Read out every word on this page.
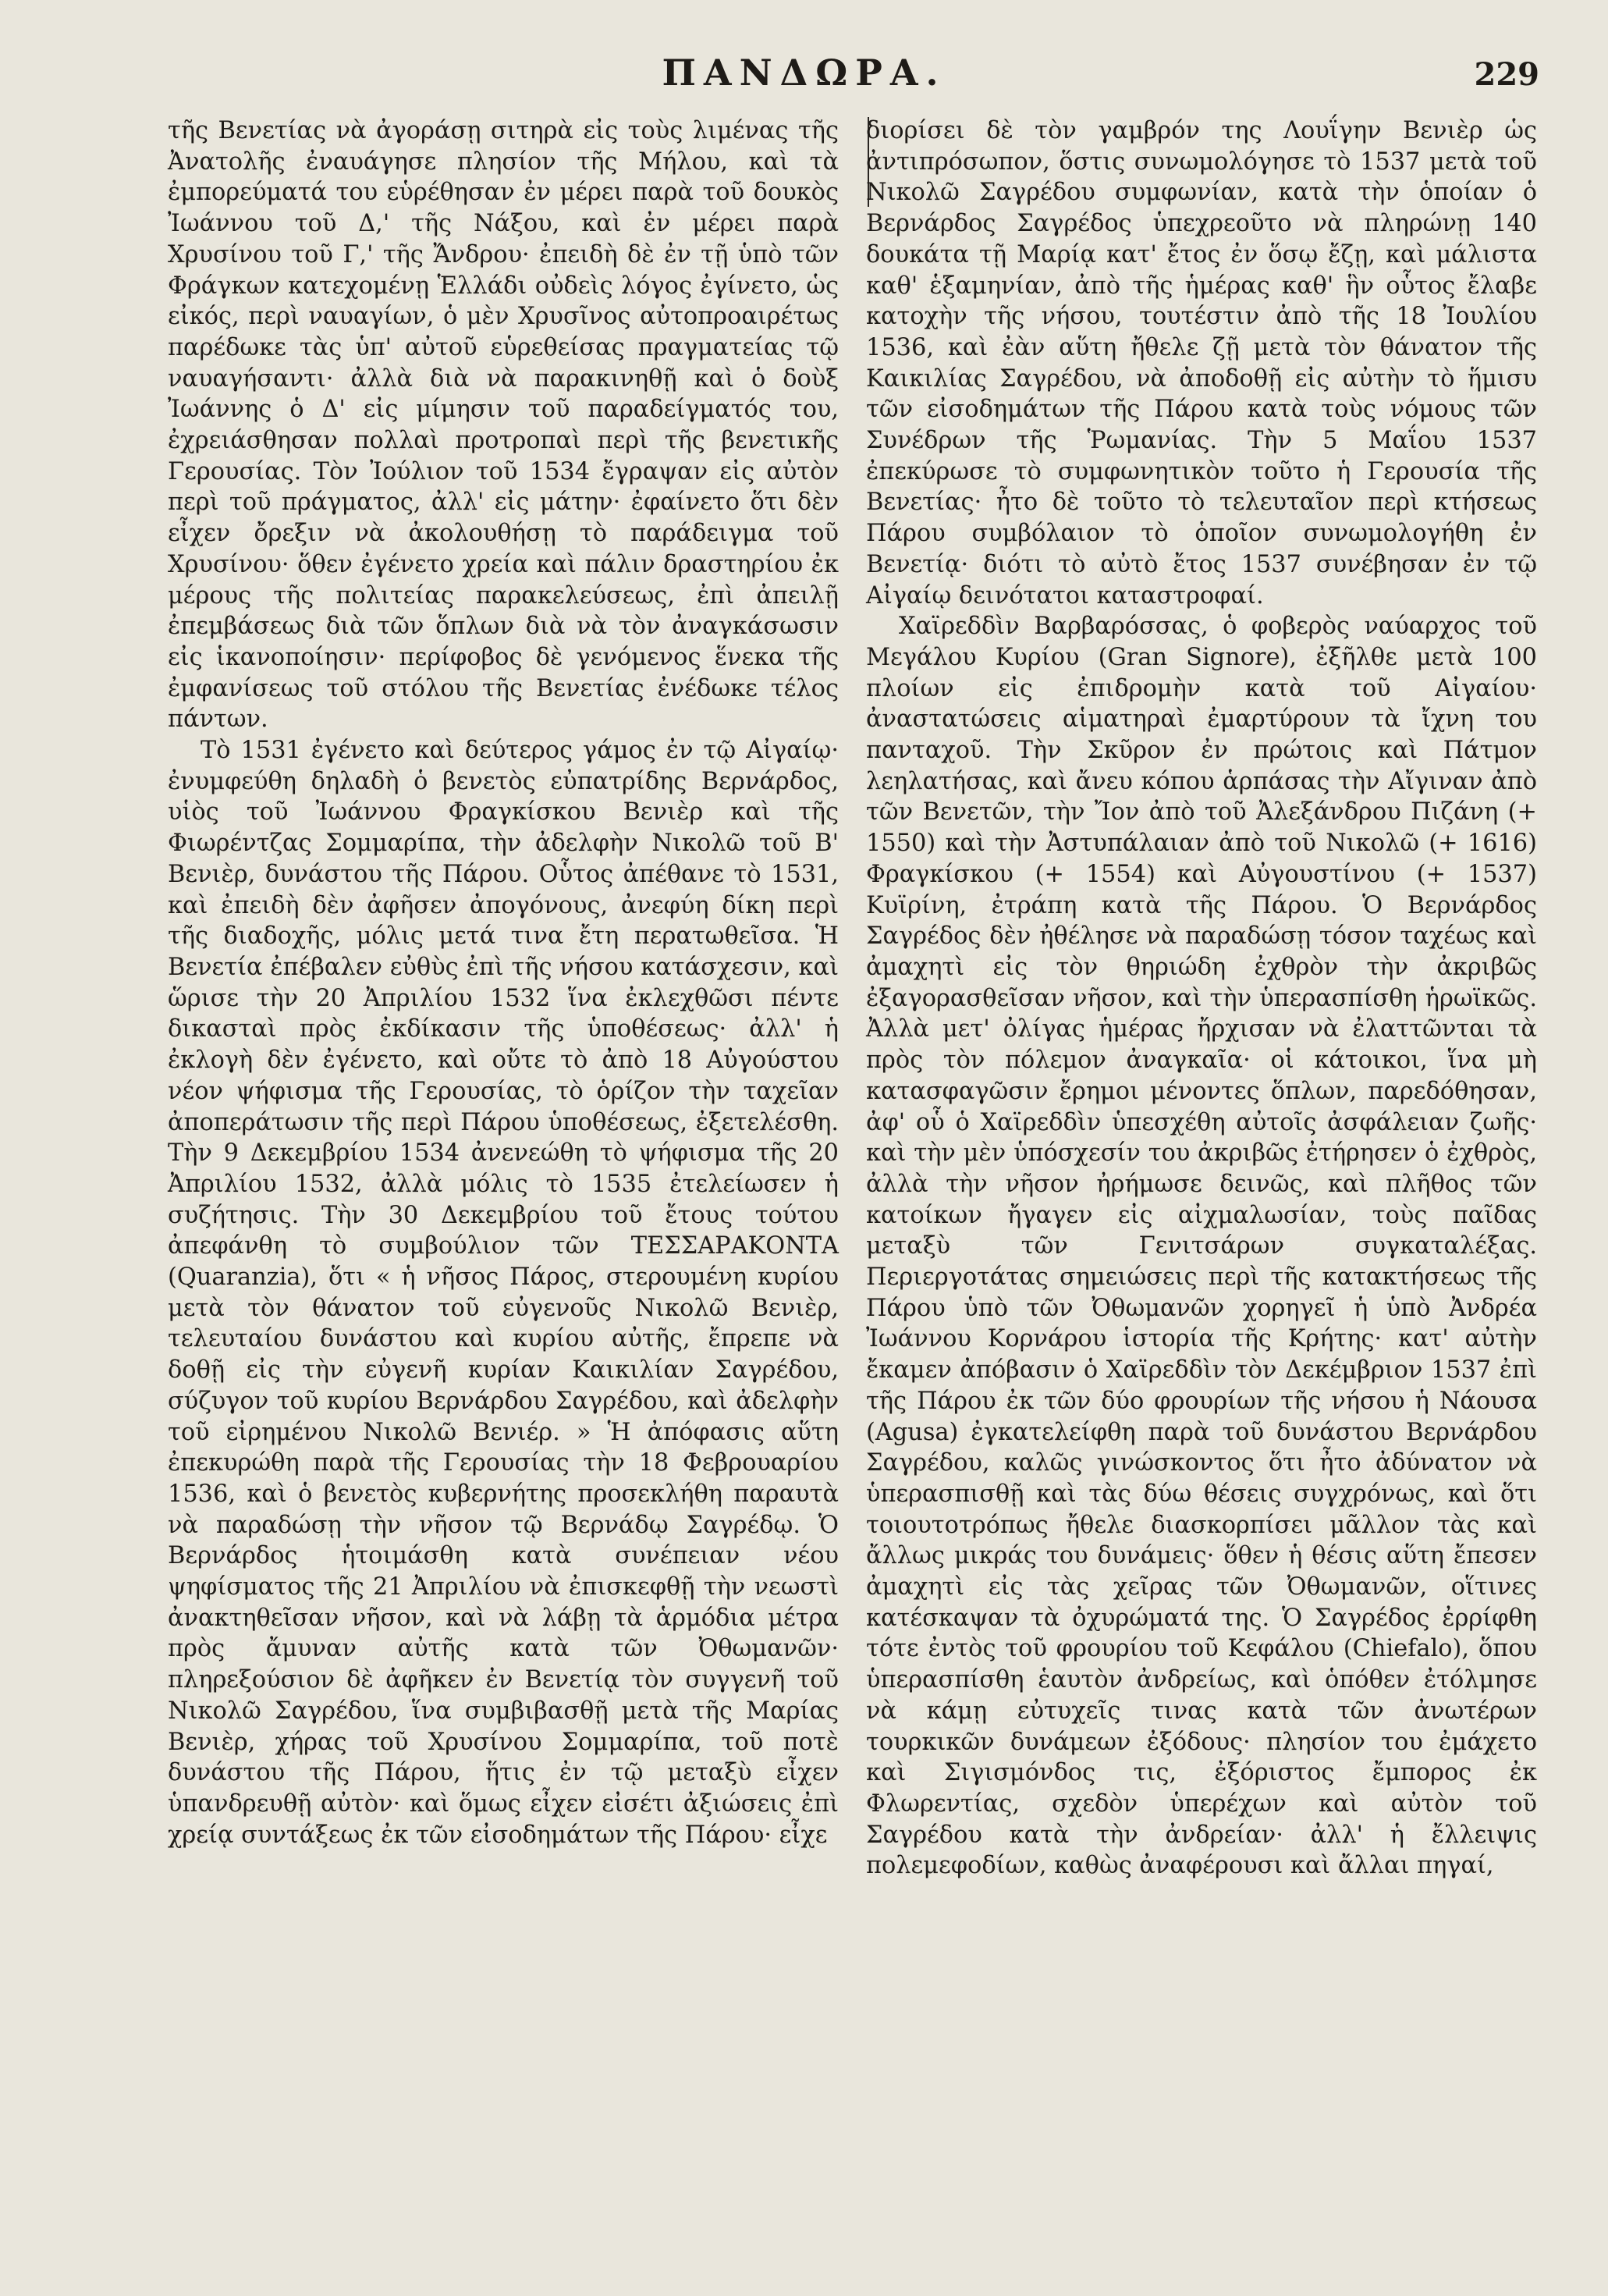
ΠΑΝΔΩΡΑ.	229

τῆς Βενετίας νὰ ἀγοράσῃ σιτηρὰ εἰς τοὺς λιμένας τῆς Ἀνατολῆς ἐναυάγησε πλησίον τῆς Μήλου, καὶ τὰ ἐμπορεύματά του εὑρέθησαν ἐν μέρει παρὰ τοῦ δουκὸς Ἰωάννου τοῦ Δ,' τῆς Νάξου, καὶ ἐν μέρει παρὰ Χρυσίνου τοῦ Γ,' τῆς Ἄνδρου· ἐπειδὴ δὲ ἐν τῇ ὑπὸ τῶν Φράγκων κατεχομένῃ Ἑλλάδι οὐδεὶς λόγος ἐγίνετο, ὡς εἰκός, περὶ ναυαγίων, ὁ μὲν Χρυσῖνος αὐτοπροαιρέτως παρέδωκε τὰς ὑπ' αὐτοῦ εὑρεθείσας πραγματείας τῷ ναυαγήσαντι· ἀλλὰ διὰ νὰ παρακινηθῇ καὶ ὁ δοὺξ Ἰωάννης ὁ Δ' εἰς μίμησιν τοῦ παραδείγματός του, ἐχρειάσθησαν πολλαὶ προτροπαὶ περὶ τῆς βενετικῆς Γερουσίας. Τὸν Ἰούλιον τοῦ 1534 ἔγραψαν εἰς αὐτὸν περὶ τοῦ πράγματος, ἀλλ' εἰς μάτην· ἐφαίνετο ὅτι δὲν εἶχεν ὄρεξιν νὰ ἀκολουθήσῃ τὸ παράδειγμα τοῦ Χρυσίνου· ὅθεν ἐγένετο χρεία καὶ πάλιν δραστηρίου ἐκ μέρους τῆς πολιτείας παρακελεύσεως, ἐπὶ ἀπειλῇ ἐπεμβάσεως διὰ τῶν ὅπλων διὰ νὰ τὸν ἀναγκάσωσιν εἰς ἱκανοποίησιν· περίφοβος δὲ γενόμενος ἕνεκα τῆς ἐμφανίσεως τοῦ στόλου τῆς Βενετίας ἐνέδωκε τέλος πάντων.

Τὸ 1531 ἐγένετο καὶ δεύτερος γάμος ἐν τῷ Αἰγαίῳ· ἐνυμφεύθη δηλαδὴ ὁ βενετὸς εὐπατρίδης Βερνάρδος, υἱὸς τοῦ Ἰωάννου Φραγκίσκου Βενιὲρ καὶ τῆς Φιωρέντζας Σομμαρίπα, τὴν ἀδελφὴν Νικολῶ τοῦ Β' Βενιὲρ, δυνάστου τῆς Πάρου. Οὗτος ἀπέθανε τὸ 1531, καὶ ἐπειδὴ δὲν ἀφῆσεν ἀπογόνους, ἀνεφύη δίκη περὶ τῆς διαδοχῆς, μόλις μετά τινα ἔτη περατωθεῖσα. Ἡ Βενετία ἐπέβαλεν εὐθὺς ἐπὶ τῆς νήσου κατάσχεσιν, καὶ ὥρισε τὴν 20 Ἀπριλίου 1532 ἵνα ἐκλεχθῶσι πέντε δικασταὶ πρὸς ἐκδίκασιν τῆς ὑποθέσεως· ἀλλ' ἡ ἐκλογὴ δὲν ἐγένετο, καὶ οὔτε τὸ ἀπὸ 18 Αὐγούστου νέον ψήφισμα τῆς Γερουσίας, τὸ ὁρίζον τὴν ταχεῖαν ἀποπεράτωσιν τῆς περὶ Πάρου ὑποθέσεως, ἐξετελέσθη. Τὴν 9 Δεκεμβρίου 1534 ἀνενεώθη τὸ ψήφισμα τῆς 20 Ἀπριλίου 1532, ἀλλὰ μόλις τὸ 1535 ἐτελείωσεν ἡ συζήτησις. Τὴν 30 Δεκεμβρίου τοῦ ἔτους τούτου ἀπεφάνθη τὸ συμβούλιον τῶν ΤΕΣΣΑΡΑΚΟΝΤΑ (Quaranzia), ὅτι « ἡ νῆσος Πάρος, στερουμένη κυρίου μετὰ τὸν θάνατον τοῦ εὐγενοῦς Νικολῶ Βενιὲρ, τελευταίου δυνάστου καὶ κυρίου αὐτῆς, ἔπρεπε νὰ δοθῇ εἰς τὴν εὐγενῆ κυρίαν Καικιλίαν Σαγρέδου, σύζυγον τοῦ κυρίου Βερνάρδου Σαγρέδου, καὶ ἀδελφὴν τοῦ εἰρημένου Νικολῶ Βενιέρ. » Ἡ ἀπόφασις αὕτη ἐπεκυρώθη παρὰ τῆς Γερουσίας τὴν 18 Φεβρουαρίου 1536, καὶ ὁ βενετὸς κυβερνήτης προσεκλήθη παραυτὰ νὰ παραδώσῃ τὴν νῆσον τῷ Βερνάδῳ Σαγρέδῳ. Ὁ Βερνάρδος ἡτοιμάσθη κατὰ συνέπειαν νέου ψηφίσματος τῆς 21 Ἀπριλίου νὰ ἐπισκεφθῇ τὴν νεωστὶ ἀνακτηθεῖσαν νῆσον, καὶ νὰ λάβῃ τὰ ἁρμόδια μέτρα πρὸς ἄμυναν αὐτῆς κατὰ τῶν Ὀθωμανῶν· πληρεξούσιον δὲ ἀφῆκεν ἐν Βενετίᾳ τὸν συγγενῆ τοῦ Νικολῶ Σαγρέδου, ἵνα συμβιβασθῇ μετὰ τῆς Μαρίας Βενιὲρ, χήρας τοῦ Χρυσίνου Σομμαρίπα, τοῦ ποτὲ δυνάστου τῆς Πάρου, ἥτις ἐν τῷ μεταξὺ εἶχεν ὑπανδρευθῇ αὐτὸν· καὶ ὅμως εἶχεν εἰσέτι ἀξιώσεις ἐπὶ χρείᾳ συντάξεως ἐκ τῶν εἰσοδημάτων τῆς Πάρου· εἶχε

διορίσει δὲ τὸν γαμβρόν της Λουΐγην Βενιὲρ ὡς ἀντιπρόσωπον, ὅστις συνωμολόγησε τὸ 1537 μετὰ τοῦ Νικολῶ Σαγρέδου συμφωνίαν, κατὰ τὴν ὁποίαν ὁ Βερνάρδος Σαγρέδος ὑπεχρεοῦτο νὰ πληρώνῃ 140 δουκάτα τῇ Μαρίᾳ κατ' ἔτος ἐν ὅσῳ ἔζῃ, καὶ μάλιστα καθ' ἑξαμηνίαν, ἀπὸ τῆς ἡμέρας καθ' ἣν οὗτος ἔλαβε κατοχὴν τῆς νήσου, τουτέστιν ἀπὸ τῆς 18 Ἰουλίου 1536, καὶ ἐὰν αὕτη ἤθελε ζῇ μετὰ τὸν θάνατον τῆς Καικιλίας Σαγρέδου, νὰ ἀποδοθῇ εἰς αὐτὴν τὸ ἥμισυ τῶν εἰσοδημάτων τῆς Πάρου κατὰ τοὺς νόμους τῶν Συνέδρων τῆς Ῥωμανίας. Τὴν 5 Μαΐου 1537 ἐπεκύρωσε τὸ συμφωνητικὸν τοῦτο ἡ Γερουσία τῆς Βενετίας· ἦτο δὲ τοῦτο τὸ τελευταῖον περὶ κτήσεως Πάρου συμβόλαιον τὸ ὁποῖον συνωμολογήθη ἐν Βενετίᾳ· διότι τὸ αὐτὸ ἔτος 1537 συνέβησαν ἐν τῷ Αἰγαίῳ δεινότατοι καταστροφαί.

Χαϊρεδδὶν Βαρβαρόσσας, ὁ φοβερὸς ναύαρχος τοῦ Μεγάλου Κυρίου (Gran Signore), ἐξῆλθε μετὰ 100 πλοίων εἰς ἐπιδρομὴν κατὰ τοῦ Αἰγαίου· ἀναστατώσεις αἱματηραὶ ἐμαρτύρουν τὰ ἴχνη του πανταχοῦ. Τὴν Σκῦρον ἐν πρώτοις καὶ Πάτμον λεηλατήσας, καὶ ἄνευ κόπου ἁρπάσας τὴν Αἴγιναν ἀπὸ τῶν Βενετῶν, τὴν Ἴον ἀπὸ τοῦ Ἀλεξάνδρου Πιζάνη (+ 1550) καὶ τὴν Ἀστυπάλαιαν ἀπὸ τοῦ Νικολῶ (+ 1616) Φραγκίσκου (+ 1554) καὶ Αὐγουστίνου (+ 1537) Κυϊρίνη, ἐτράπη κατὰ τῆς Πάρου. Ὁ Βερνάρδος Σαγρέδος δὲν ἠθέλησε νὰ παραδώσῃ τόσον ταχέως καὶ ἀμαχητὶ εἰς τὸν θηριώδη ἐχθρὸν τὴν ἀκριβῶς ἐξαγορασθεῖσαν νῆσον, καὶ τὴν ὑπερασπίσθη ἡρωϊκῶς. Ἀλλὰ μετ' ὀλίγας ἡμέρας ἤρχισαν νὰ ἐλαττῶνται τὰ πρὸς τὸν πόλεμον ἀναγκαῖα· οἱ κάτοικοι, ἵνα μὴ κατασφαγῶσιν ἔρημοι μένοντες ὅπλων, παρεδόθησαν, ἀφ' οὗ ὁ Χαϊρεδδὶν ὑπεσχέθη αὐτοῖς ἀσφάλειαν ζωῆς· καὶ τὴν μὲν ὑπόσχεσίν του ἀκριβῶς ἐτήρησεν ὁ ἐχθρὸς, ἀλλὰ τὴν νῆσον ἠρήμωσε δεινῶς, καὶ πλῆθος τῶν κατοίκων ἤγαγεν εἰς αἰχμαλωσίαν, τοὺς παῖδας μεταξὺ τῶν Γενιτσάρων συγκαταλέξας. Περιεργοτάτας σημειώσεις περὶ τῆς κατακτήσεως τῆς Πάρου ὑπὸ τῶν Ὀθωμανῶν χορηγεῖ ἡ ὑπὸ Ἀνδρέα Ἰωάννου Κορνάρου ἱστορία τῆς Κρήτης· κατ' αὐτὴν ἔκαμεν ἀπόβασιν ὁ Χαϊρεδδὶν τὸν Δεκέμβριον 1537 ἐπὶ τῆς Πάρου ἐκ τῶν δύο φρουρίων τῆς νήσου ἡ Νάουσα (Agusa) ἐγκατελείφθη παρὰ τοῦ δυνάστου Βερνάρδου Σαγρέδου, καλῶς γινώσκοντος ὅτι ἦτο ἀδύνατον νὰ ὑπερασπισθῇ καὶ τὰς δύω θέσεις συγχρόνως, καὶ ὅτι τοιουτοτρόπως ἤθελε διασκορπίσει μᾶλλον τὰς καὶ ἄλλως μικράς του δυνάμεις· ὅθεν ἡ θέσις αὕτη ἔπεσεν ἀμαχητὶ εἰς τὰς χεῖρας τῶν Ὀθωμανῶν, οἵτινες κατέσκαψαν τὰ ὀχυρώματά της. Ὁ Σαγρέδος ἐρρίφθη τότε ἐντὸς τοῦ φρουρίου τοῦ Κεφάλου (Chiefalo), ὅπου ὑπερασπίσθη ἑαυτὸν ἀνδρείως, καὶ ὁπόθεν ἐτόλμησε νὰ κάμῃ εὐτυχεῖς τινας κατὰ τῶν ἀνωτέρων τουρκικῶν δυνάμεων ἐξόδους· πλησίον του ἐμάχετο καὶ Σιγισμόνδος τις, ἐξόριστος ἔμπορος ἐκ Φλωρεντίας, σχεδὸν ὑπερέχων καὶ αὐτὸν τοῦ Σαγρέδου κατὰ τὴν ἀνδρείαν· ἀλλ' ἡ ἔλλειψις πολεμεφοδίων, καθὼς ἀναφέρουσι καὶ ἄλλαι πηγαί,
